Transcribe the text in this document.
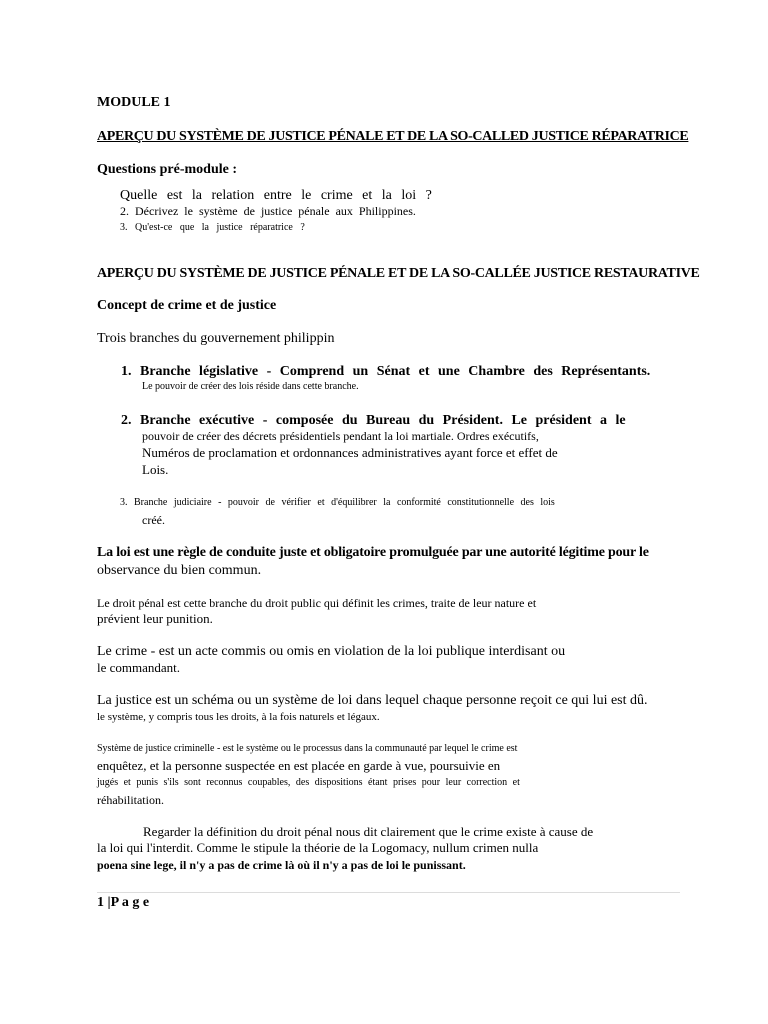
MODULE 1
APERÇU DU SYSTÈME DE JUSTICE PÉNALE ET DE LA SO-CALLED JUSTICE RÉPARATRICE
Questions pré-module :
Quelle est la relation entre le crime et la loi ?
2. Décrivez le système de justice pénale aux Philippines.
3. Qu'est-ce que la justice réparatrice ?
APERÇU DU SYSTÈME DE JUSTICE PÉNALE ET DE LA SO-CALLÉE JUSTICE RESTAURATIVE
Concept de crime et de justice
Trois branches du gouvernement philippin
1. Branche législative - Comprend un Sénat et une Chambre des Représentants.
Le pouvoir de créer des lois réside dans cette branche.
2. Branche exécutive - composée du Bureau du Président. Le président a le
pouvoir de créer des décrets présidentiels pendant la loi martiale. Ordres exécutifs,
Numéros de proclamation et ordonnances administratives ayant force et effet de
Lois.
3. Branche judiciaire - pouvoir de vérifier et d'équilibrer la conformité constitutionnelle des lois
créé.
La loi est une règle de conduite juste et obligatoire promulguée par une autorité légitime pour le
observance du bien commun.
Le droit pénal est cette branche du droit public qui définit les crimes, traite de leur nature et
prévient leur punition.
Le crime - est un acte commis ou omis en violation de la loi publique interdisant ou
le commandant.
La justice est un schéma ou un système de loi dans lequel chaque personne reçoit ce qui lui est dû.
le système, y compris tous les droits, à la fois naturels et légaux.
Système de justice criminelle - est le système ou le processus dans la communauté par lequel le crime est
enquêtez, et la personne suspectée en est placée en garde à vue, poursuivie en
jugés et punis s'ils sont reconnus coupables, des dispositions étant prises pour leur correction et
réhabilitation.
Regarder la définition du droit pénal nous dit clairement que le crime existe à cause de
la loi qui l'interdit. Comme le stipule la théorie de la Logomacy, nullum crimen nulla
poena sine lege, il n'y a pas de crime là où il n'y a pas de loi le punissant.
1 |P a g e
